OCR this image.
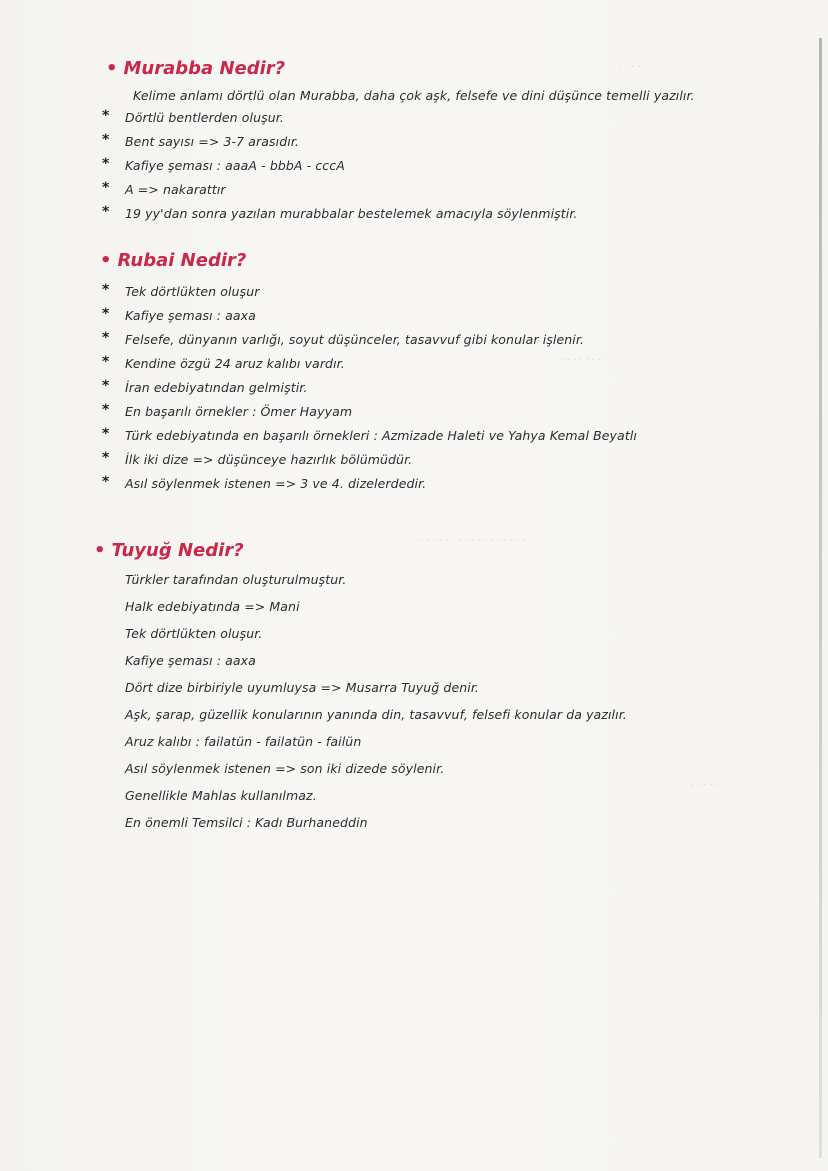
· · · · ·
· · · · · · ·
· · · · · · · · · · · · · · · · ·
· · · · ·
• Murabba Nedir?
Kelime anlamı dörtlü olan Murabba, daha çok aşk, felsefe ve dini düşünce temelli yazılır.
* Dörtlü bentlerden oluşur.
* Bent sayısı => 3-7 arasıdır.
* Kafiye şeması : aaaA - bbbA - cccA
* A => nakarattır
* 19 yy'dan sonra yazılan murabbalar bestelemek amacıyla söylenmiştir.
• Rubai Nedir?
* Tek dörtlükten oluşur
* Kafiye şeması : aaxa
* Felsefe, dünyanın varlığı, soyut düşünceler, tasavvuf gibi konular işlenir.
* Kendine özgü 24 aruz kalıbı vardır.
* İran edebiyatından gelmiştir.
* En başarılı örnekler : Ömer Hayyam
* Türk edebiyatında en başarılı örnekleri : Azmizade Haleti ve Yahya Kemal Beyatlı
* İlk iki dize => düşünceye hazırlık bölümüdür.
* Asıl söylenmek istenen => 3 ve 4. dizelerdedir.
• Tuyuğ Nedir?
Türkler tarafından oluşturulmuştur.
Halk edebiyatında => Mani
Tek dörtlükten oluşur.
Kafiye şeması : aaxa
Dört dize birbiriyle uyumluysa => Musarra Tuyuğ denir.
Aşk, şarap, güzellik konularının yanında din, tasavvuf, felsefi konular da yazılır.
Aruz kalıbı : failatün - failatün - failün
Asıl söylenmek istenen => son iki dizede söylenir.
Genellikle Mahlas kullanılmaz.
En önemli Temsilci : Kadı Burhaneddin
